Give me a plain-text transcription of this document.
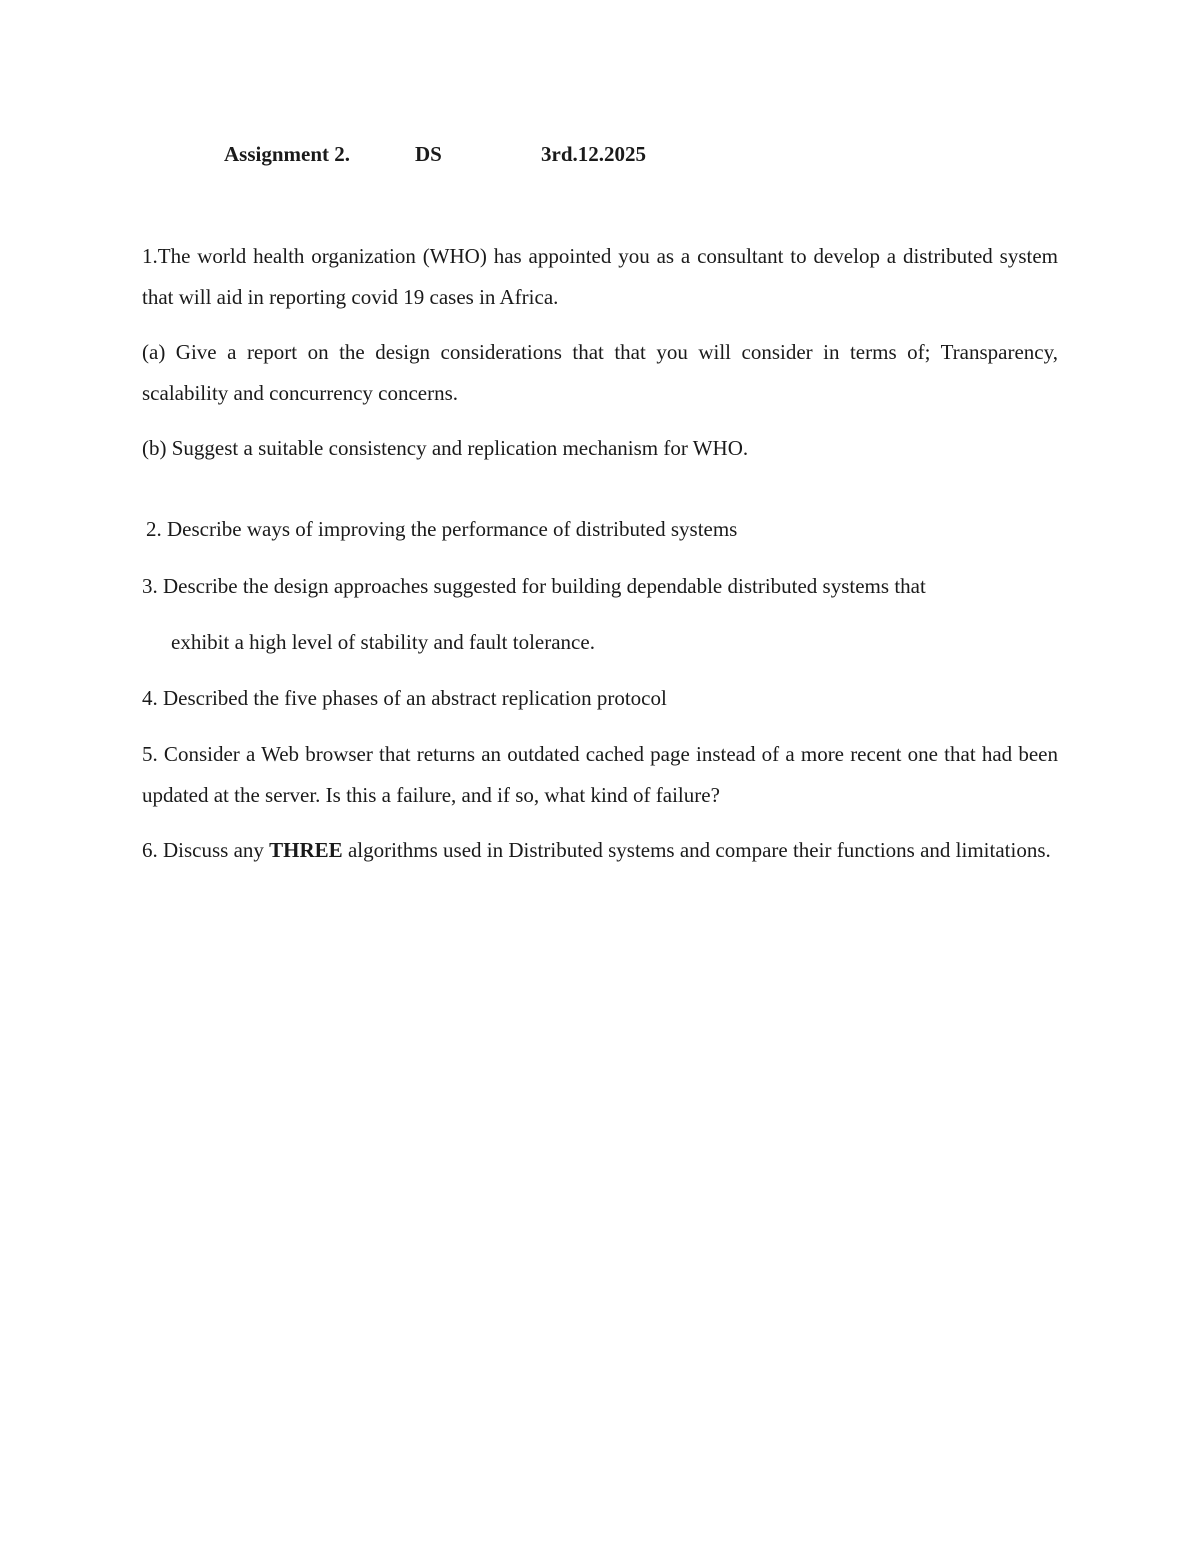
Assignment 2.	DS	3rd.12.2025

1.The world health organization (WHO) has appointed you as a consultant to develop a distributed system that will aid in reporting covid 19 cases in Africa.

(a) Give a report on the design considerations that that you will consider in terms of; Transparency, scalability and concurrency concerns.

(b) Suggest a suitable consistency and replication mechanism for WHO.

2. Describe ways of improving the performance of distributed systems

3. Describe the design approaches suggested for building dependable distributed systems that
exhibit a high level of stability and fault tolerance.

4. Described the five phases of an abstract replication protocol

5. Consider a Web browser that returns an outdated cached page instead of a more recent one that had been updated at the server. Is this a failure, and if so, what kind of failure?

6. Discuss any THREE algorithms used in Distributed systems and compare their functions and limitations.
